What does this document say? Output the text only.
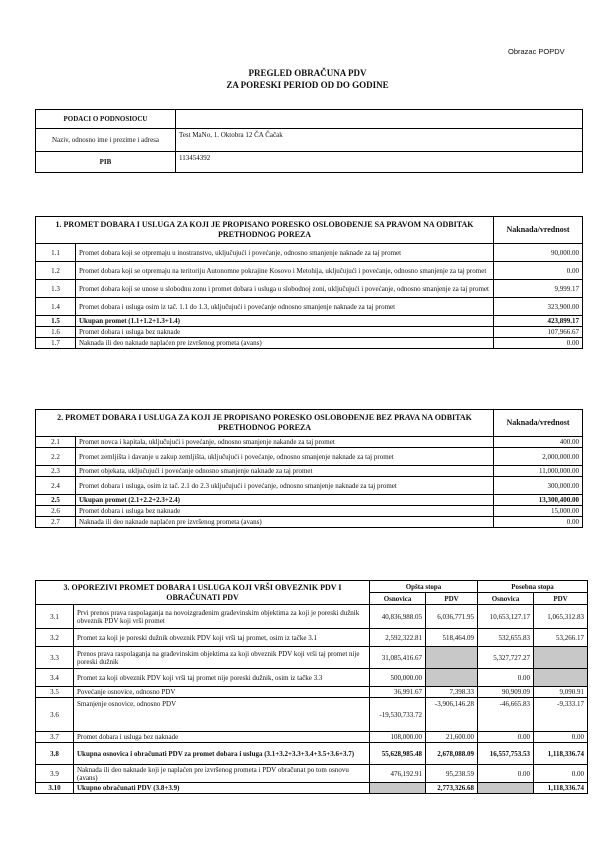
Obrazac POPDV
PREGLED OBRAČUNA PDV
ZA PORESKI PERIOD OD DO GODINE
PODACI O PODNOSIOCU	
Naziv, odnosno ime i prezime i adresa	Test MaNo, 1. Oktobra 12 ČA Čačak
PIB	113454392
1. PROMET DOBARA I USLUGA ZA KOJI JE PROPISANO PORESKO OSLOBOĐENJE SA PRAVOM NA ODBITAK PRETHODNOG POREZA		Naknada/vrednost
1.1	Promet dobara koji se otpremaju u inostranstvo, uključujući i povećanje, odnosno smanjenje naknade za taj promet	90,000.00
1.2	Promet dobara koji se otpremaju na teritoriju Autonomne pokrajine Kosovo i Metohija, uključujući i povećanje, odnosno smanjenje za taj promet	0.00
1.3	Promet dobara koji se unose u slobodnu zonu i promet dobara i usluga u slobodnoj zoni, uključujući i povećanje, odnosno smanjenje za taj promet	9,999.17
1.4	Promet dobara i usluga osim iz tač. 1.1 do 1.3, uključujući i povećanje odnosno smanjenje naknade za taj promet	323,900.00
1.5	Ukupan promet (1.1+1.2+1.3+1.4)	423,899.17
1.6	Promet dobara i usluga bez naknade	107,966.67
1.7	Naknada ili deo naknade naplaćen pre izvršenog prometa (avans)	0.00
2. PROMET DOBARA I USLUGA ZA KOJI JE PROPISANO PORESKO OSLOBOĐENJE BEZ PRAVA NA ODBITAK PRETHODNOG POREZA		Naknada/vrednost
2.1	Promet novca i kapitala, uključujući i povećanje, odnosno smanjenje nakande za taj promet	400.00
2.2	Promet zemljišta i davanje u zakup zemljišta, uključujući i povećanje, odnosno smanjenje naknade za taj promet	2,000,000.00
2.3	Promet objekata, uključujući i povećanje odnosno smanjenje naknade za taj promet	11,000,000.00
2.4	Promet dobara i usluga, osim iz tač. 2.1 do 2.3 uključujući i povećanje, odnosno smanjenje naknade za taj promet	300,000.00
2.5	Ukupan promet (2.1+2.2+2.3+2.4)	13,300,400.00
2.6	Promet dobara i usluga bez naknade	15,000.00
2.7	Naknada ili deo naknade naplaćen pre izvršenog prometa (avans)	0.00
3. OPOREZIVI PROMET DOBARA I USLUGA KOJI VRŠI OBVEZNIK PDV I OBRAČUNATI PDV		Opšta stopa		Posebna stopa	
		Osnovica	PDV	Osnovica	PDV
3.1	Prvi prenos prava raspolaganja na novoizgrađenim građevinskim objektima za koji je poreski dužnik obveznik PDV koji vrši promet	40,836,988.05	6,036,771.95	10,653,127.17	1,065,312.83
3.2	Promet za koji je poreski dužnik obveznik PDV koji vrši taj promet, osim iz tačke 3.1	2,592,322.81	518,464.09	532,655.83	53,266.17
3.3	Prenos prava raspolaganja na građevinskim objektima za koji obveznik PDV koji vrši taj promet nije poreski dužnik	31,085,416.67		5,327,727.27	
3.4	Promet za koji obveznik PDV koji vrši taj promet nije poreski dužnik, osim iz tačke 3.3	500,000.00		0.00	
3.5	Povećanje osnovice, odnosno PDV	36,991.67	7,398.33	90,909.09	9,090.91
3.6	Smanjenje osnovice, odnosno PDV	-19,530,733.72	-3,906,146.28	-46,665.83	-9,333.17
3.7	Promet dobara i usluga bez naknade	108,000.00	21,600.00	0.00	0.00
3.8	Ukupna osnovica i obračunati PDV za promet dobara i usluga (3.1+3.2+3.3+3.4+3.5+3.6+3.7)	55,628,985.48	2,678,088.09	16,557,753.53	1,118,336.74
3.9	Naknada ili deo naknade koji je naplaćen pre izvršenog prometa i PDV obračunat po tom osnovu (avans)	476,192.91	95,238.59	0.00	0.00
3.10	Ukupno obračunati PDV (3.8+3.9)		2,773,326.68		1,118,336.74
